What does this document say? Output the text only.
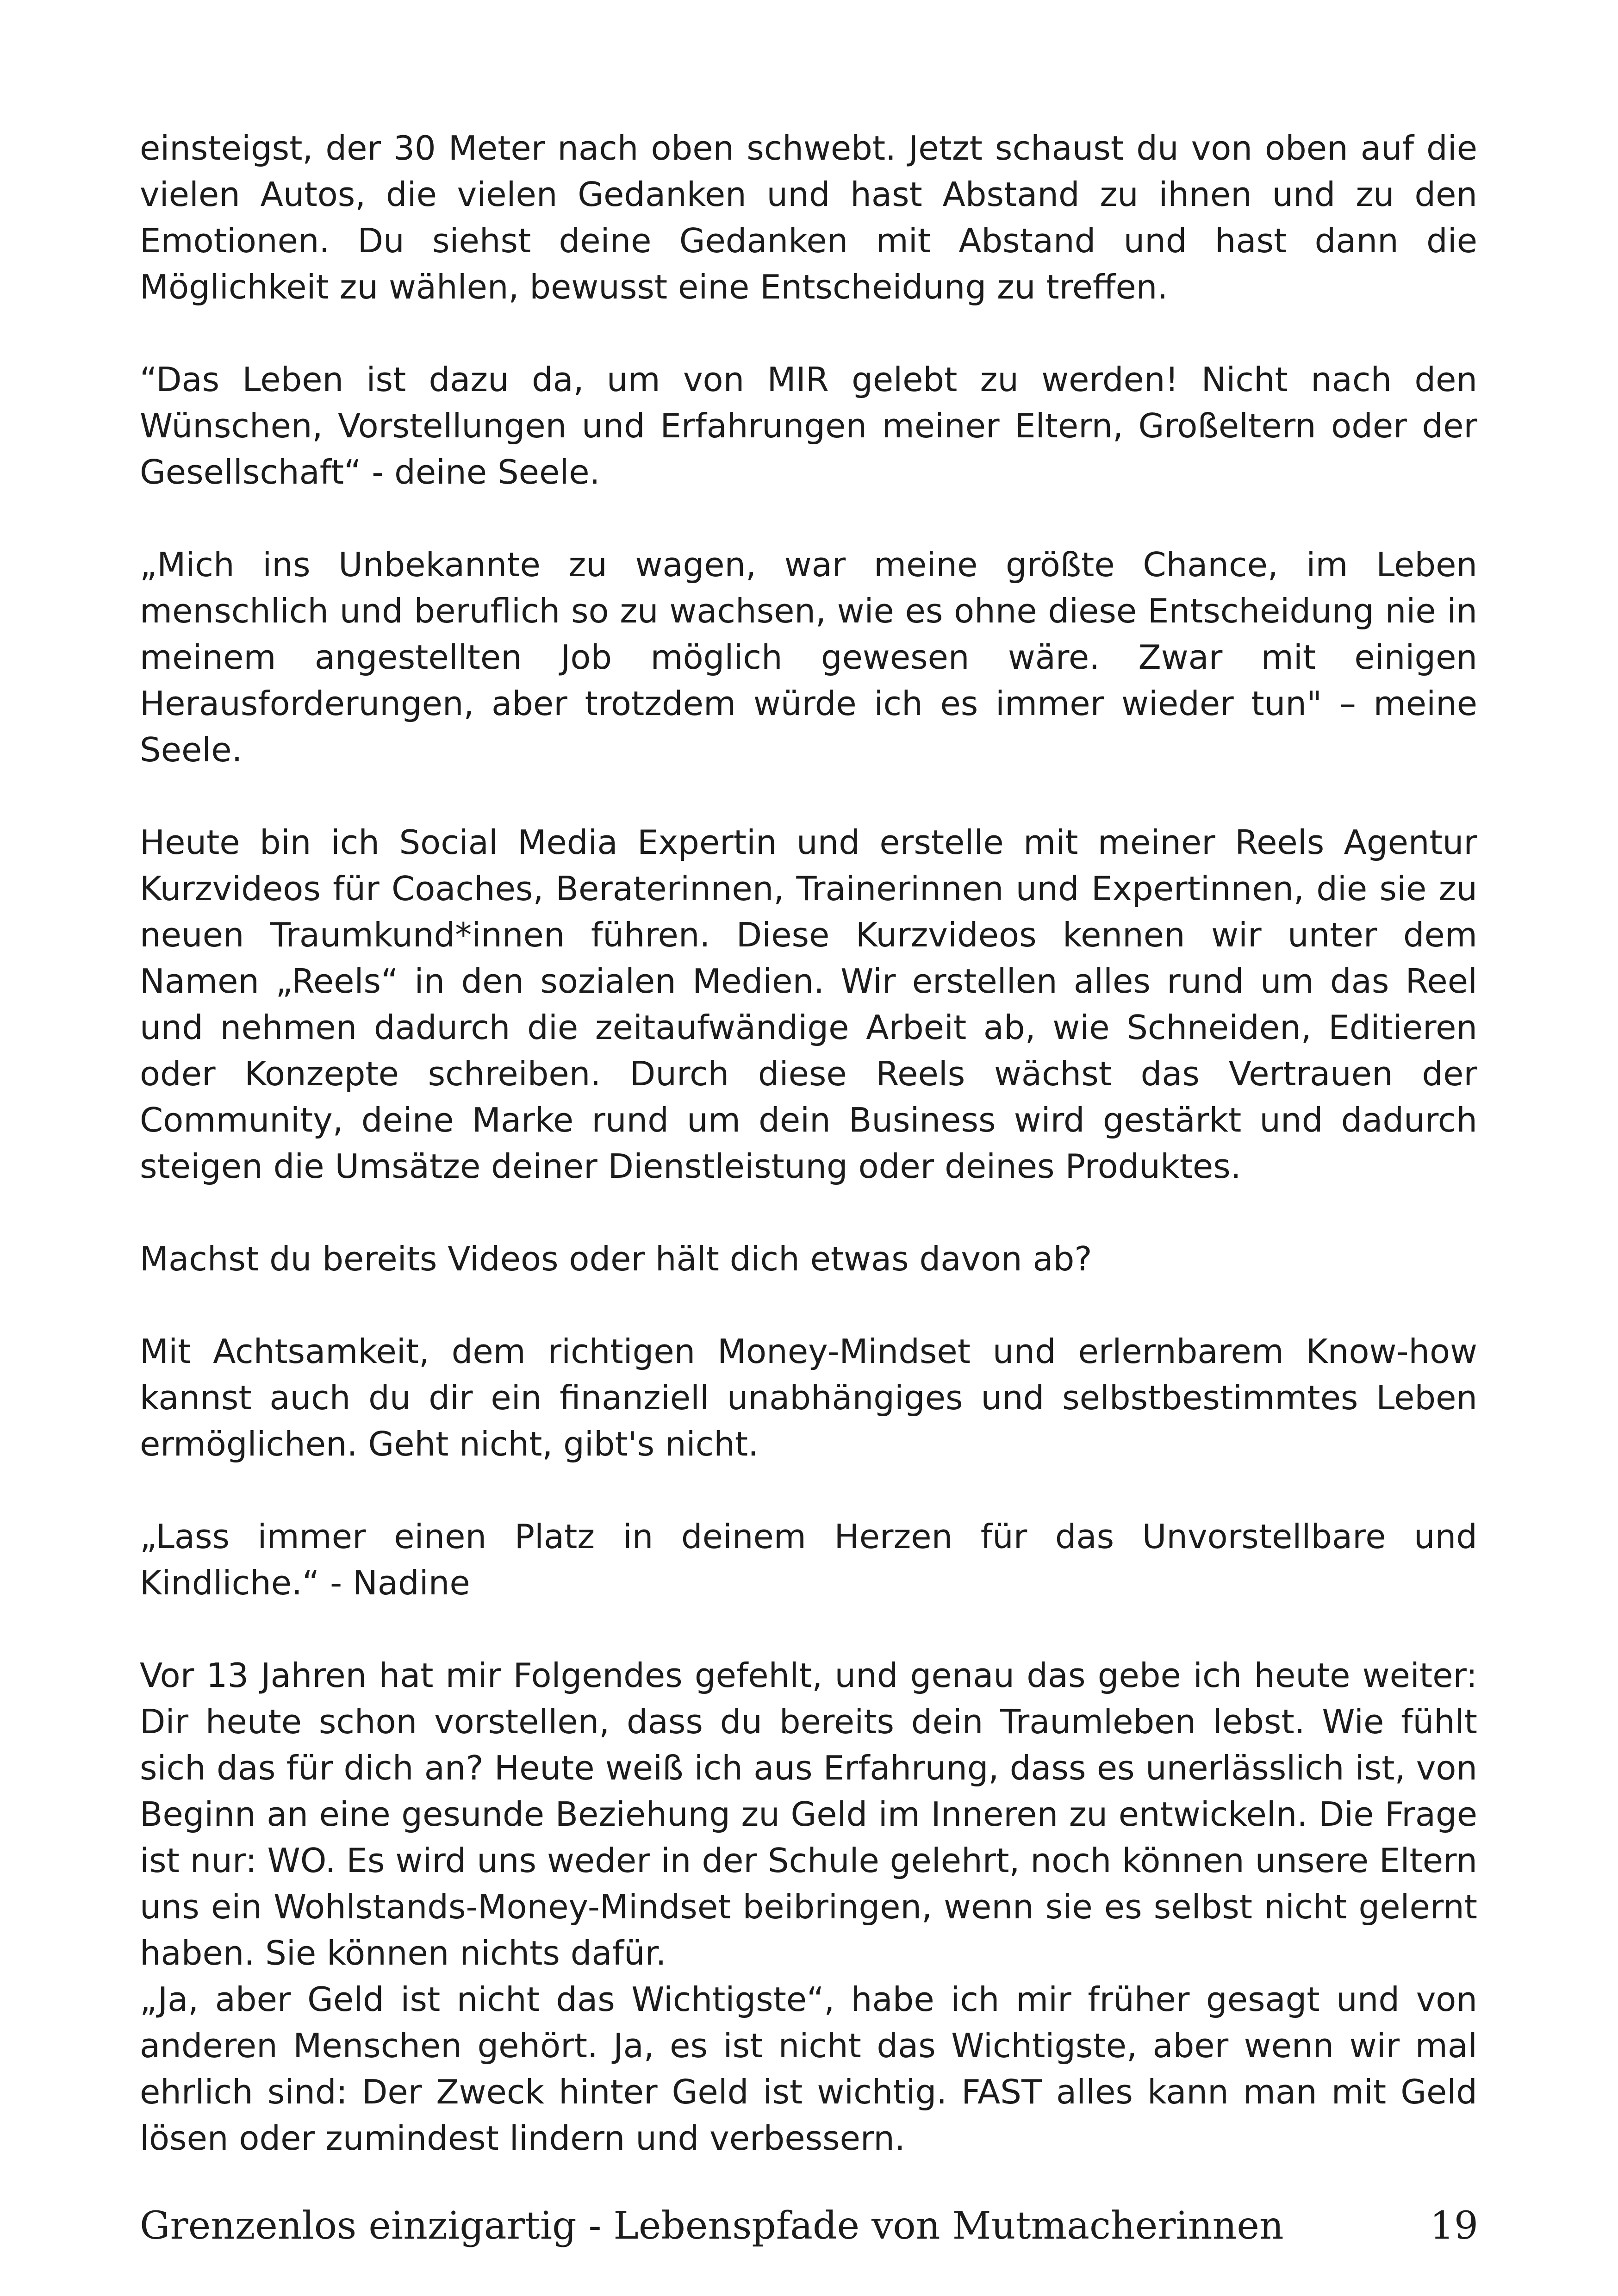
einsteigst, der 30 Meter nach oben schwebt. Jetzt schaust du von oben auf die vielen Autos, die vielen Gedanken und hast Abstand zu ihnen und zu den Emotionen. Du siehst deine Gedanken mit Abstand und hast dann die Möglichkeit zu wählen, bewusst eine Entscheidung zu treffen.

“Das Leben ist dazu da, um von MIR gelebt zu werden! Nicht nach den Wünschen, Vorstellungen und Erfahrungen meiner Eltern, Großeltern oder der Gesellschaft“ - deine Seele.

„Mich ins Unbekannte zu wagen, war meine größte Chance, im Leben menschlich und beruflich so zu wachsen, wie es ohne diese Entscheidung nie in meinem angestellten Job möglich gewesen wäre. Zwar mit einigen Herausforderungen, aber trotzdem würde ich es immer wieder tun" – meine Seele.

Heute bin ich Social Media Expertin und erstelle mit meiner Reels Agentur Kurzvideos für Coaches, Beraterinnen, Trainerinnen und Expertinnen, die sie zu neuen Traumkund*innen führen. Diese Kurzvideos kennen wir unter dem Namen „Reels“ in den sozialen Medien. Wir erstellen alles rund um das Reel und nehmen dadurch die zeitaufwändige Arbeit ab, wie Schneiden, Editieren oder Konzepte schreiben. Durch diese Reels wächst das Vertrauen der Community, deine Marke rund um dein Business wird gestärkt und dadurch steigen die Umsätze deiner Dienstleistung oder deines Produktes.

Machst du bereits Videos oder hält dich etwas davon ab?

Mit Achtsamkeit, dem richtigen Money-Mindset und erlernbarem Know-how kannst auch du dir ein finanziell unabhängiges und selbstbestimmtes Leben ermöglichen. Geht nicht, gibt's nicht.

„Lass immer einen Platz in deinem Herzen für das Unvorstellbare und Kindliche.“ - Nadine

Vor 13 Jahren hat mir Folgendes gefehlt, und genau das gebe ich heute weiter: Dir heute schon vorstellen, dass du bereits dein Traumleben lebst. Wie fühlt sich das für dich an? Heute weiß ich aus Erfahrung, dass es unerlässlich ist, von Beginn an eine gesunde Beziehung zu Geld im Inneren zu entwickeln. Die Frage ist nur: WO. Es wird uns weder in der Schule gelehrt, noch können unsere Eltern uns ein Wohlstands-Money-Mindset beibringen, wenn sie es selbst nicht gelernt haben. Sie können nichts dafür.

„Ja, aber Geld ist nicht das Wichtigste“, habe ich mir früher gesagt und von anderen Menschen gehört. Ja, es ist nicht das Wichtigste, aber wenn wir mal ehrlich sind: Der Zweck hinter Geld ist wichtig. FAST alles kann man mit Geld lösen oder zumindest lindern und verbessern.

Grenzenlos einzigartig - Lebenspfade von Mutmacherinnen	19
